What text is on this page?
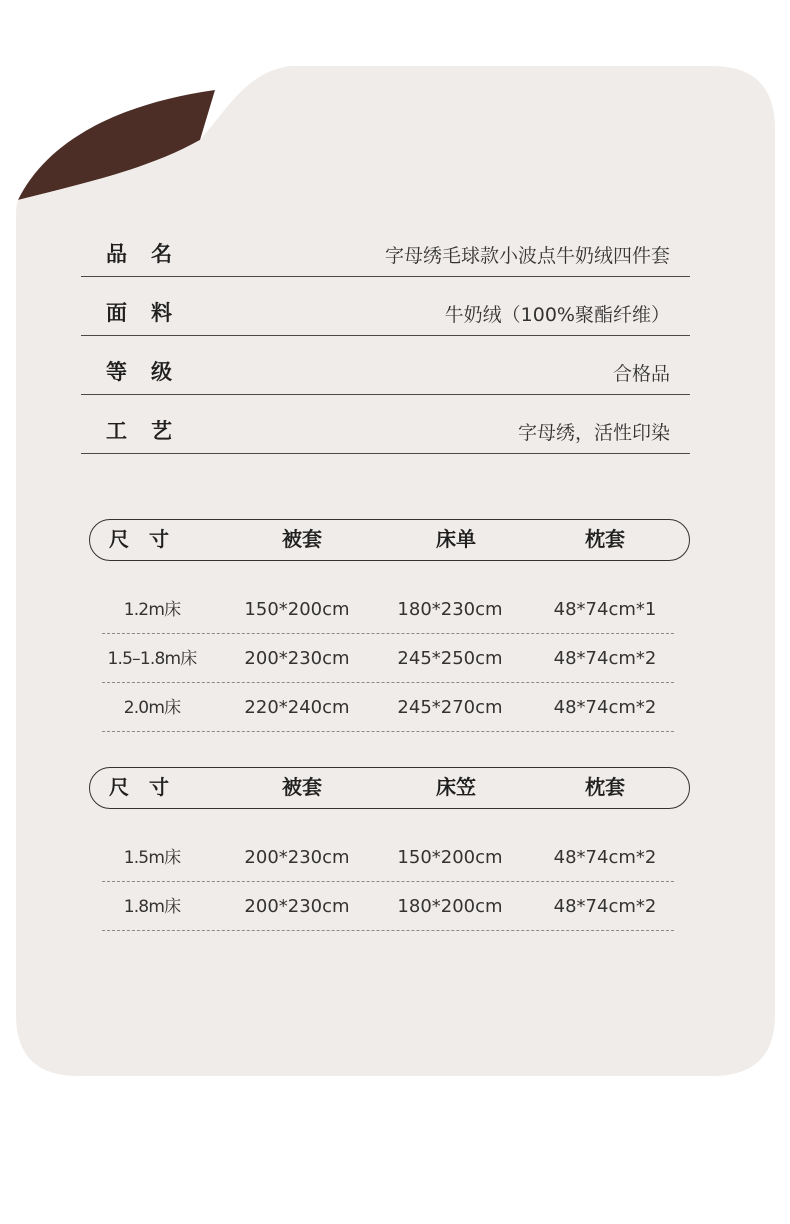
品名	字母绣毛球款小波点牛奶绒四件套
面料	牛奶绒（100%聚酯纤维）
等级	合格品
工艺	字母绣，活性印染
尺寸	被套	床单	枕套
1.2m床	150*200cm	180*230cm	48*74cm*1
1.5–1.8m床	200*230cm	245*250cm	48*74cm*2
2.0m床	220*240cm	245*270cm	48*74cm*2
尺寸	被套	床笠	枕套
1.5m床	200*230cm	150*200cm	48*74cm*2
1.8m床	200*230cm	180*200cm	48*74cm*2
